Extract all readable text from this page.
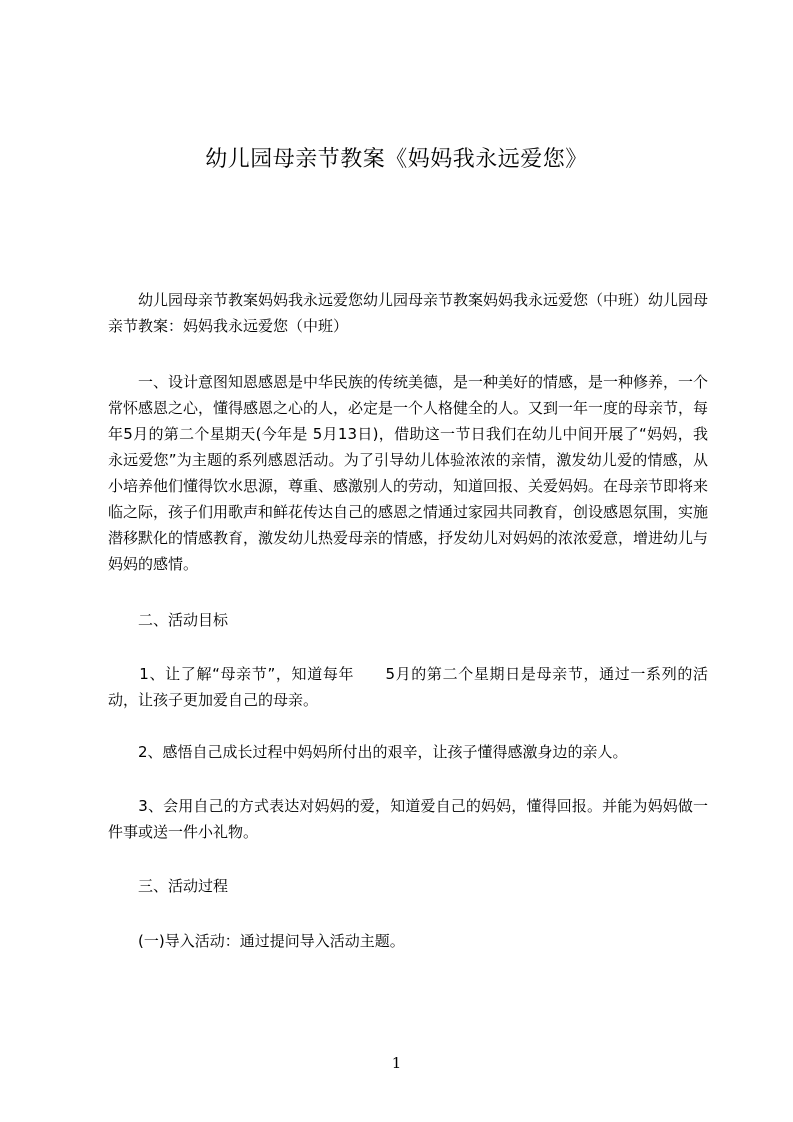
幼儿园母亲节教案《妈妈我永远爱您》

　　幼儿园母亲节教案妈妈我永远爱您幼儿园母亲节教案妈妈我永远爱您（中班）幼儿园母亲节教案：妈妈我永远爱您（中班）

　　一、设计意图知恩感恩是中华民族的传统美德，是一种美好的情感，是一种修养，一个常怀感恩之心，懂得感恩之心的人，必定是一个人格健全的人。又到一年一度的母亲节，每年5月的第二个星期天(今年是 5月13日)，借助这一节日我们在幼儿中间开展了“妈妈，我永远爱您”为主题的系列感恩活动。为了引导幼儿体验浓浓的亲情，激发幼儿爱的情感，从小培养他们懂得饮水思源，尊重、感激别人的劳动，知道回报、关爱妈妈。在母亲节即将来临之际，孩子们用歌声和鲜花传达自己的感恩之情通过家园共同教育，创设感恩氛围，实施潜移默化的情感教育，激发幼儿热爱母亲的情感，抒发幼儿对妈妈的浓浓爱意，增进幼儿与妈妈的感情。

　　二、活动目标

　　1、让了解“母亲节”，知道每年　　5月的第二个星期日是母亲节，通过一系列的活动，让孩子更加爱自己的母亲。

　　2、感悟自己成长过程中妈妈所付出的艰辛，让孩子懂得感激身边的亲人。

　　3、会用自己的方式表达对妈妈的爱，知道爱自己的妈妈，懂得回报。并能为妈妈做一件事或送一件小礼物。

　　三、活动过程

　　(一)导入活动：通过提问导入活动主题。

1
